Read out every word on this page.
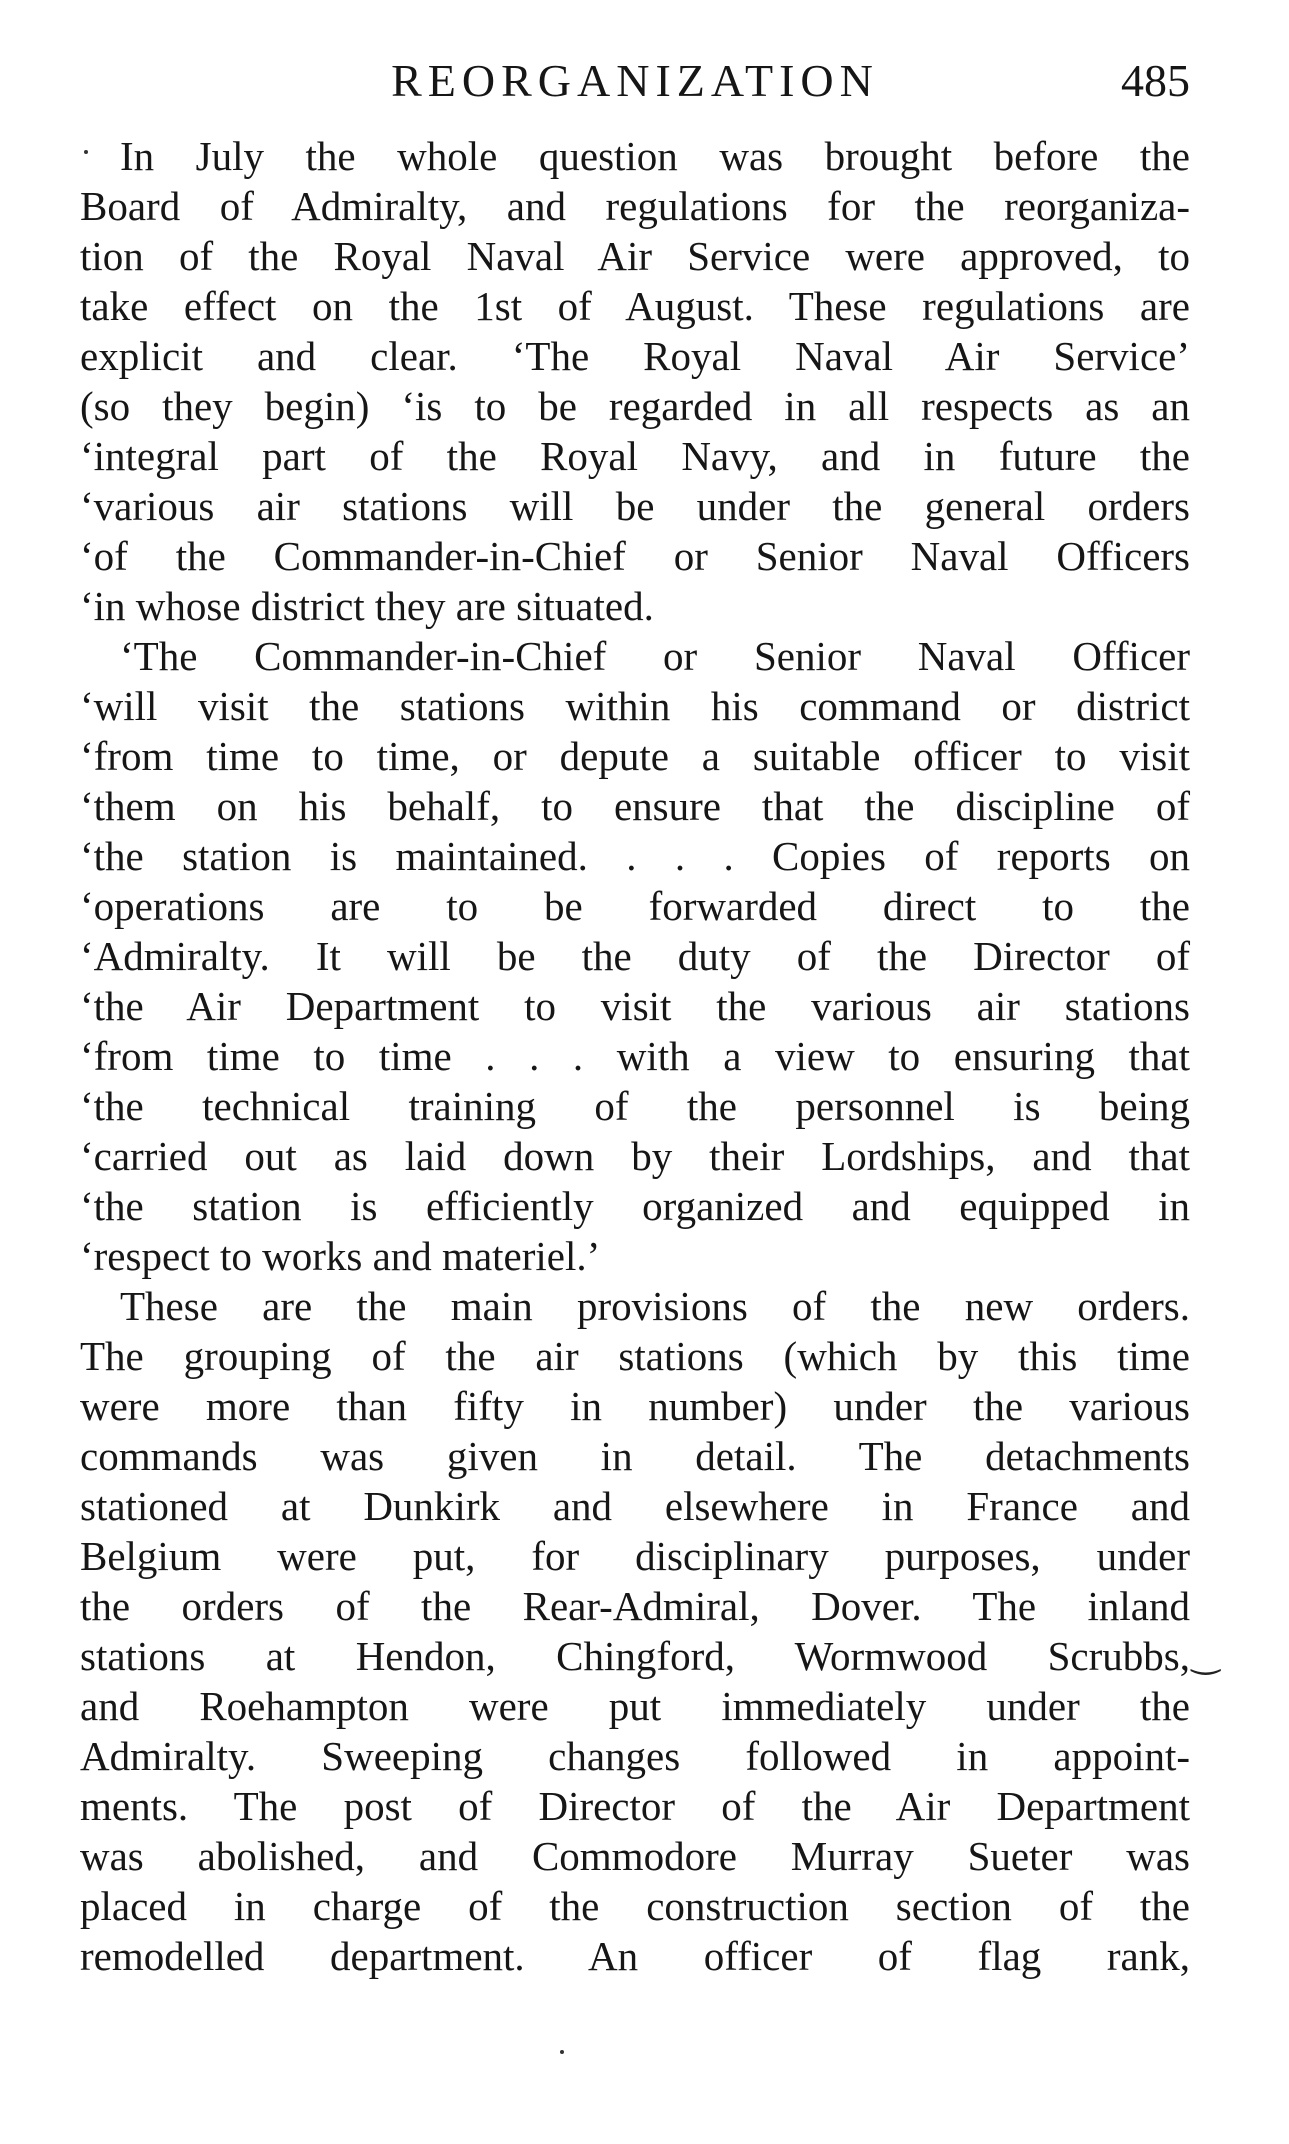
REORGANIZATION	485
In July the whole question was brought before the
Board of Admiralty, and regulations for the reorganiza-
tion of the Royal Naval Air Service were approved, to
take effect on the 1st of August. These regulations are
explicit and clear. ‘The Royal Naval Air Service’
(so they begin) ‘is to be regarded in all respects as an
‘integral part of the Royal Navy, and in future the
‘various air stations will be under the general orders
‘of the Commander-in-Chief or Senior Naval Officers
‘in whose district they are situated.
‘The Commander-in-Chief or Senior Naval Officer
‘will visit the stations within his command or district
‘from time to time, or depute a suitable officer to visit
‘them on his behalf, to ensure that the discipline of
‘the station is maintained. . . . Copies of reports on
‘operations are to be forwarded direct to the
‘Admiralty. It will be the duty of the Director of
‘the Air Department to visit the various air stations
‘from time to time . . . with a view to ensuring that
‘the technical training of the personnel is being
‘carried out as laid down by their Lordships, and that
‘the station is efficiently organized and equipped in
‘respect to works and materiel.’
These are the main provisions of the new orders.
The grouping of the air stations (which by this time
were more than fifty in number) under the various
commands was given in detail. The detachments
stationed at Dunkirk and elsewhere in France and
Belgium were put, for disciplinary purposes, under
the orders of the Rear-Admiral, Dover. The inland
stations at Hendon, Chingford, Wormwood Scrubbs,
and Roehampton were put immediately under the
Admiralty. Sweeping changes followed in appoint-
ments. The post of Director of the Air Department
was abolished, and Commodore Murray Sueter was
placed in charge of the construction section of the
remodelled department. An officer of flag rank,
‿
